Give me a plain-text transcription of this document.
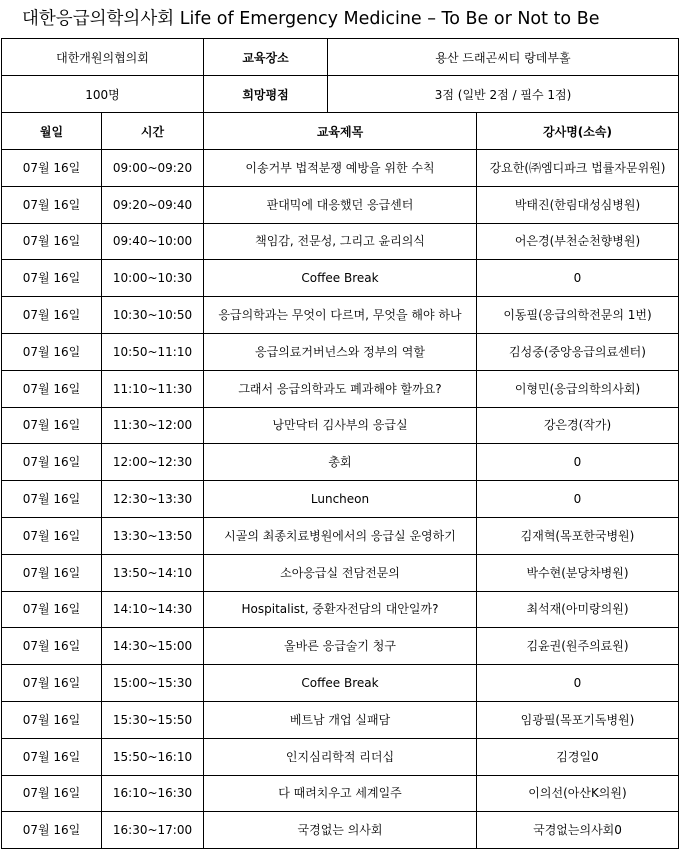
대한응급의학의사회 Life of Emergency Medicine – To Be or Not to Be
대한개원의협의회	교육장소	용산 드래곤씨티 랑데부홀
100명	희망평점	3점 (일반 2점 / 필수 1점)
월일	시간	교육제목	강사명(소속)
07월 16일	09:00~09:20	이송거부 법적분쟁 예방을 위한 수칙	강요한(㈜엠디파크 법률자문위원)
07월 16일	09:20~09:40	판대믹에 대응했던 응급센터	박태진(한림대성심병원)
07월 16일	09:40~10:00	책임감, 전문성, 그리고 윤리의식	어은경(부천순천향병원)
07월 16일	10:00~10:30	Coffee Break	0
07월 16일	10:30~10:50	응급의학과는 무엇이 다르며, 무엇을 해야 하나	이동필(응급의학전문의 1번)
07월 16일	10:50~11:10	응급의료거버넌스와 정부의 역할	김성중(중앙응급의료센터)
07월 16일	11:10~11:30	그래서 응급의학과도 폐과해야 할까요?	이형민(응급의학의사회)
07월 16일	11:30~12:00	낭만닥터 김사부의 응급실	강은경(작가)
07월 16일	12:00~12:30	총회	0
07월 16일	12:30~13:30	Luncheon	0
07월 16일	13:30~13:50	시골의 최종치료병원에서의 응급실 운영하기	김재혁(목포한국병원)
07월 16일	13:50~14:10	소아응급실 전담전문의	박수현(분당차병원)
07월 16일	14:10~14:30	Hospitalist, 중환자전담의 대안일까?	최석재(아미랑의원)
07월 16일	14:30~15:00	올바른 응급술기 청구	김윤권(원주의료원)
07월 16일	15:00~15:30	Coffee Break	0
07월 16일	15:30~15:50	베트남 개업 실패담	임광필(목포기독병원)
07월 16일	15:50~16:10	인지심리학적 리더십	김경일0
07월 16일	16:10~16:30	다 때려치우고 세계일주	이의선(아산K의원)
07월 16일	16:30~17:00	국경없는 의사회	국경없는의사회0
